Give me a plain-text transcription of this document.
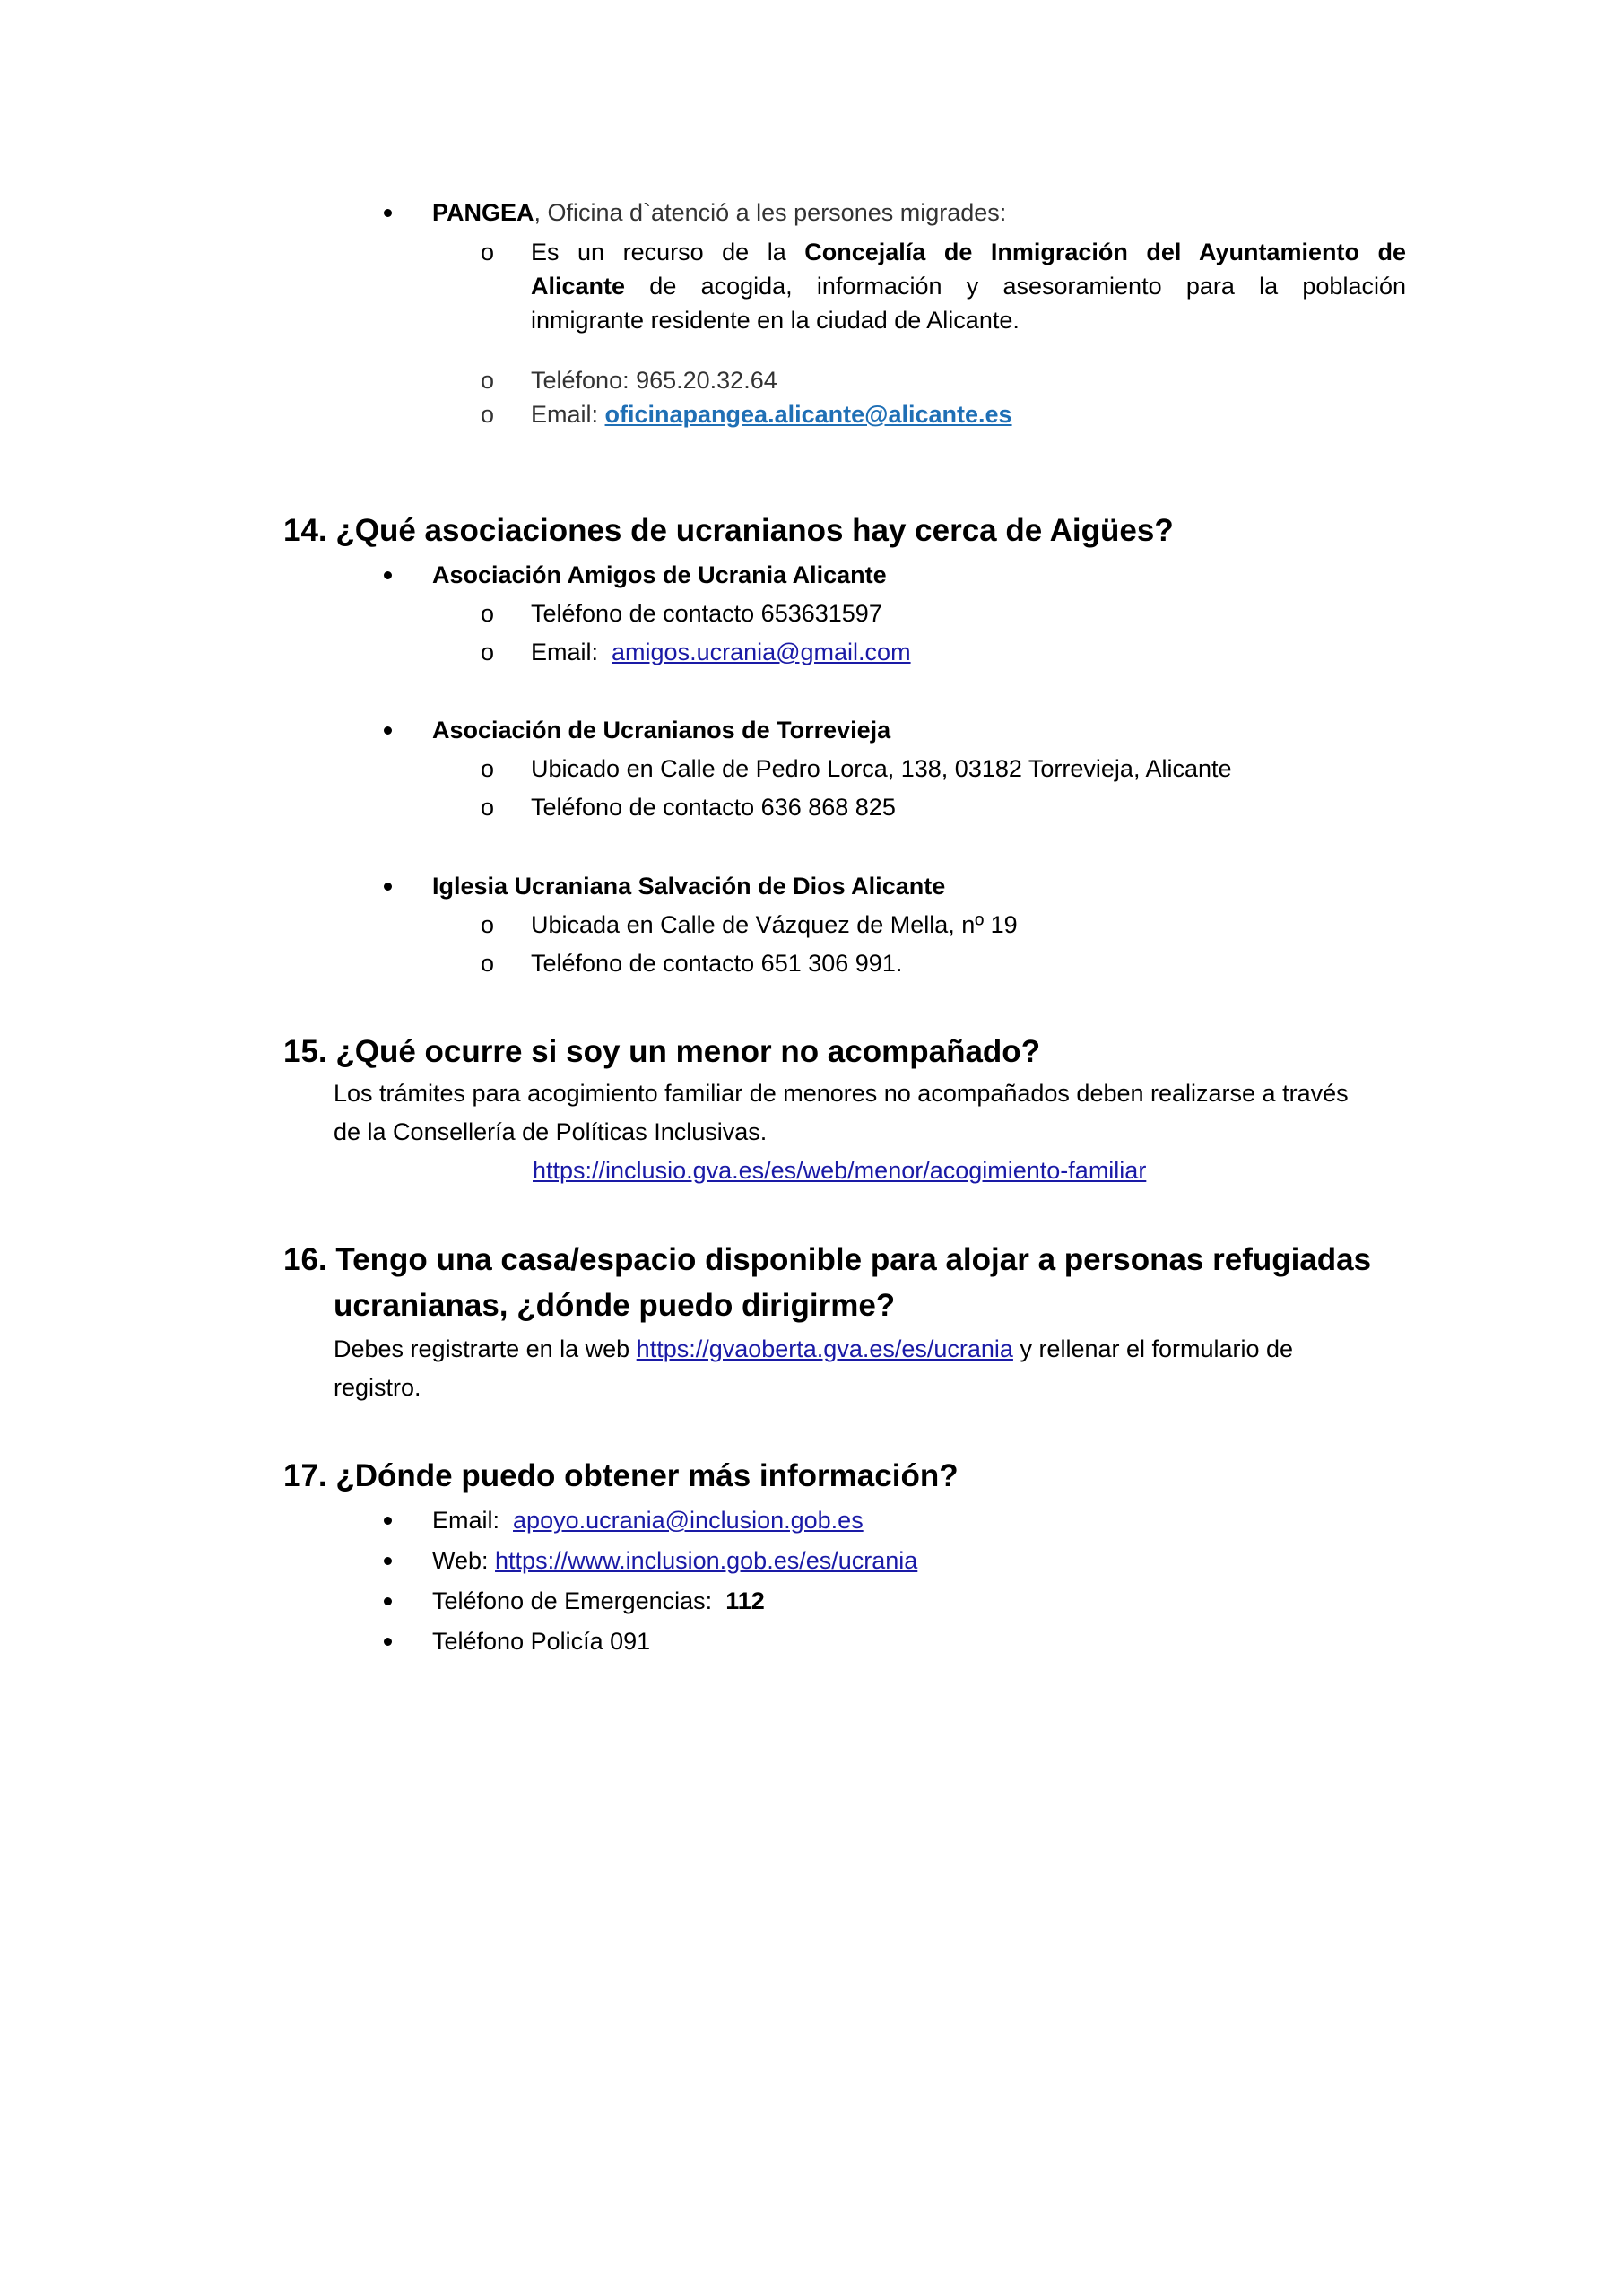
PANGEA, Oficina d`atenció a les persones migrades:
o Es un recurso de la Concejalía de Inmigración del Ayuntamiento de
Alicante de acogida, información y asesoramiento para la población
inmigrante residente en la ciudad de Alicante.
o Teléfono: 965.20.32.64
o Email: oficinapangea.alicante@alicante.es
14. ¿Qué asociaciones de ucranianos hay cerca de Aigües?
Asociación Amigos de Ucrania Alicante
o Teléfono de contacto 653631597
o Email: amigos.ucrania@gmail.com
Asociación de Ucranianos de Torrevieja
o Ubicado en Calle de Pedro Lorca, 138, 03182 Torrevieja, Alicante
o Teléfono de contacto 636 868 825
Iglesia Ucraniana Salvación de Dios Alicante
o Ubicada en Calle de Vázquez de Mella, nº 19
o Teléfono de contacto 651 306 991.
15. ¿Qué ocurre si soy un menor no acompañado?
Los trámites para acogimiento familiar de menores no acompañados deben realizarse a través
de la Consellería de Políticas Inclusivas.
https://inclusio.gva.es/es/web/menor/acogimiento-familiar
16. Tengo una casa/espacio disponible para alojar a personas refugiadas
ucranianas, ¿dónde puedo dirigirme?
Debes registrarte en la web https://gvaoberta.gva.es/es/ucrania y rellenar el formulario de
registro.
17. ¿Dónde puedo obtener más información?
Email: apoyo.ucrania@inclusion.gob.es
Web: https://www.inclusion.gob.es/es/ucrania
Teléfono de Emergencias: 112
Teléfono Policía 091
